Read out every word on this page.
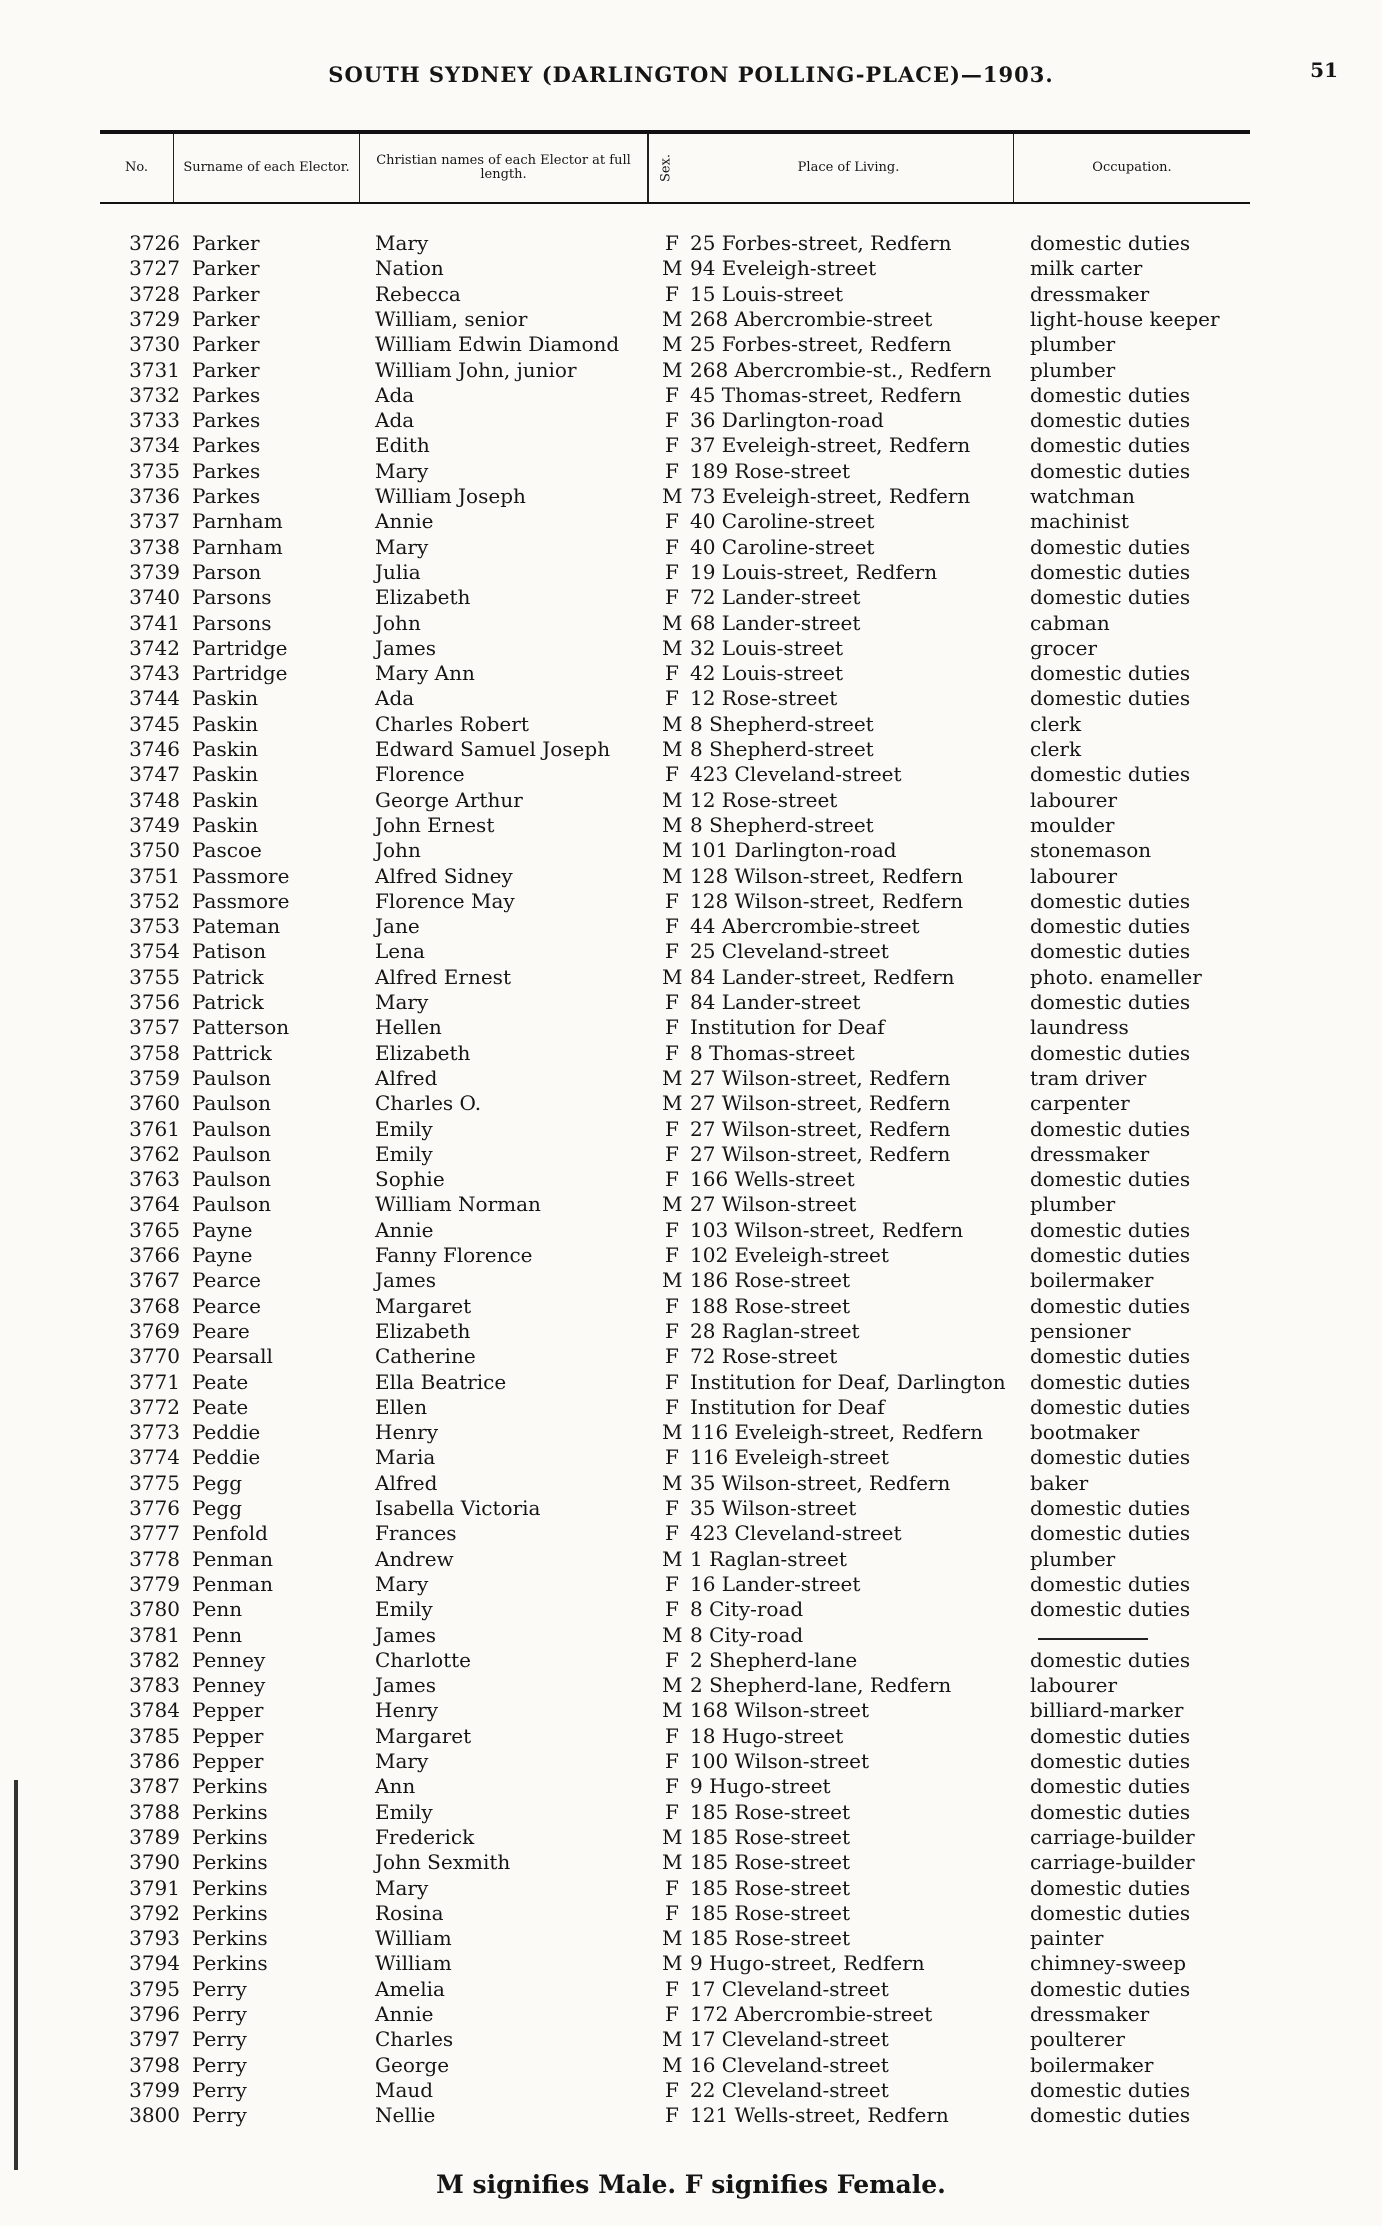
SOUTH SYDNEY (DARLINGTON POLLING-PLACE)—1903.	51
No.	Surname of each Elector.	Christian names of each Elector at full length.	Sex.	Place of Living.	Occupation.
3726 Parker	Mary	F 25 Forbes-street, Redfern	domestic duties
3727 Parker	Nation	M 94 Eveleigh-street	milk carter
3728 Parker	Rebecca	F 15 Louis-street	dressmaker
3729 Parker	William, senior	M 268 Abercrombie-street	light-house keeper
3730 Parker	William Edwin Diamond M 25 Forbes-street, Redfern	plumber
3731 Parker	William John, junior	M 268 Abercrombie-st., Redfern plumber
3732 Parkes	Ada	F 45 Thomas-street, Redfern	domestic duties
3733 Parkes	Ada	F 36 Darlington-road	domestic duties
3734 Parkes	Edith	F 37 Eveleigh-street, Redfern	domestic duties
3735 Parkes	Mary	F 189 Rose-street	domestic duties
3736 Parkes	William Joseph	M 73 Eveleigh-street, Redfern	watchman
3737 Parnham	Annie	F 40 Caroline-street	machinist
3738 Parnham	Mary	F 40 Caroline-street	domestic duties
3739 Parson	Julia	F 19 Louis-street, Redfern	domestic duties
3740 Parsons	Elizabeth	F 72 Lander-street	domestic duties
3741 Parsons	John	M 68 Lander-street	cabman
3742 Partridge	James	M 32 Louis-street	grocer
3743 Partridge	Mary Ann	F 42 Louis-street	domestic duties
3744 Paskin	Ada	F 12 Rose-street	domestic duties
3745 Paskin	Charles Robert	M 8 Shepherd-street	clerk
3746 Paskin	Edward Samuel Joseph	M 8 Shepherd-street	clerk
3747 Paskin	Florence	F 423 Cleveland-street	domestic duties
3748 Paskin	George Arthur	M 12 Rose-street	labourer
3749 Paskin	John Ernest	M 8 Shepherd-street	moulder
3750 Pascoe	John	M 101 Darlington-road	stonemason
3751 Passmore	Alfred Sidney	M 128 Wilson-street, Redfern	labourer
3752 Passmore	Florence May	F 128 Wilson-street, Redfern	domestic duties
3753 Pateman	Jane	F 44 Abercrombie-street	domestic duties
3754 Patison	Lena	F 25 Cleveland-street	domestic duties
3755 Patrick	Alfred Ernest	M 84 Lander-street, Redfern	photo. enameller
3756 Patrick	Mary	F 84 Lander-street	domestic duties
3757 Patterson	Hellen	F Institution for Deaf	laundress
3758 Pattrick	Elizabeth	F 8 Thomas-street	domestic duties
3759 Paulson	Alfred	M 27 Wilson-street, Redfern	tram driver
3760 Paulson	Charles O.	M 27 Wilson-street, Redfern	carpenter
3761 Paulson	Emily	F 27 Wilson-street, Redfern	domestic duties
3762 Paulson	Emily	F 27 Wilson-street, Redfern	dressmaker
3763 Paulson	Sophie	F 166 Wells-street	domestic duties
3764 Paulson	William Norman	M 27 Wilson-street	plumber
3765 Payne	Annie	F 103 Wilson-street, Redfern	domestic duties
3766 Payne	Fanny Florence	F 102 Eveleigh-street	domestic duties
3767 Pearce	James	M 186 Rose-street	boilermaker
3768 Pearce	Margaret	F 188 Rose-street	domestic duties
3769 Peare	Elizabeth	F 28 Raglan-street	pensioner
3770 Pearsall	Catherine	F 72 Rose-street	domestic duties
3771 Peate	Ella Beatrice	F Institution for Deaf, Darlington domestic duties
3772 Peate	Ellen	F Institution for Deaf	domestic duties
3773 Peddie	Henry	M 116 Eveleigh-street, Redfern bootmaker
3774 Peddie	Maria	F 116 Eveleigh-street	domestic duties
3775 Pegg	Alfred	M 35 Wilson-street, Redfern	baker
3776 Pegg	Isabella Victoria	F 35 Wilson-street	domestic duties
3777 Penfold	Frances	F 423 Cleveland-street	domestic duties
3778 Penman	Andrew	M 1 Raglan-street	plumber
3779 Penman	Mary	F 16 Lander-street	domestic duties
3780 Penn	Emily	F 8 City-road	domestic duties
3781 Penn	James	M 8 City-road
3782 Penney	Charlotte	F 2 Shepherd-lane	domestic duties
3783 Penney	James	M 2 Shepherd-lane, Redfern	labourer
3784 Pepper	Henry	M 168 Wilson-street	billiard-marker
3785 Pepper	Margaret	F 18 Hugo-street	domestic duties
3786 Pepper	Mary	F 100 Wilson-street	domestic duties
3787 Perkins	Ann	F 9 Hugo-street	domestic duties
3788 Perkins	Emily	F 185 Rose-street	domestic duties
3789 Perkins	Frederick	M 185 Rose-street	carriage-builder
3790 Perkins	John Sexmith	M 185 Rose-street	carriage-builder
3791 Perkins	Mary	F 185 Rose-street	domestic duties
3792 Perkins	Rosina	F 185 Rose-street	domestic duties
3793 Perkins	William	M 185 Rose-street	painter
3794 Perkins	William	M 9 Hugo-street, Redfern	chimney-sweep
3795 Perry	Amelia	F 17 Cleveland-street	domestic duties
3796 Perry	Annie	F 172 Abercrombie-street	dressmaker
3797 Perry	Charles	M 17 Cleveland-street	poulterer
3798 Perry	George	M 16 Cleveland-street	boilermaker
3799 Perry	Maud	F 22 Cleveland-street	domestic duties
3800 Perry	Nellie	F 121 Wells-street, Redfern	domestic duties
M signifies Male. F signifies Female.
